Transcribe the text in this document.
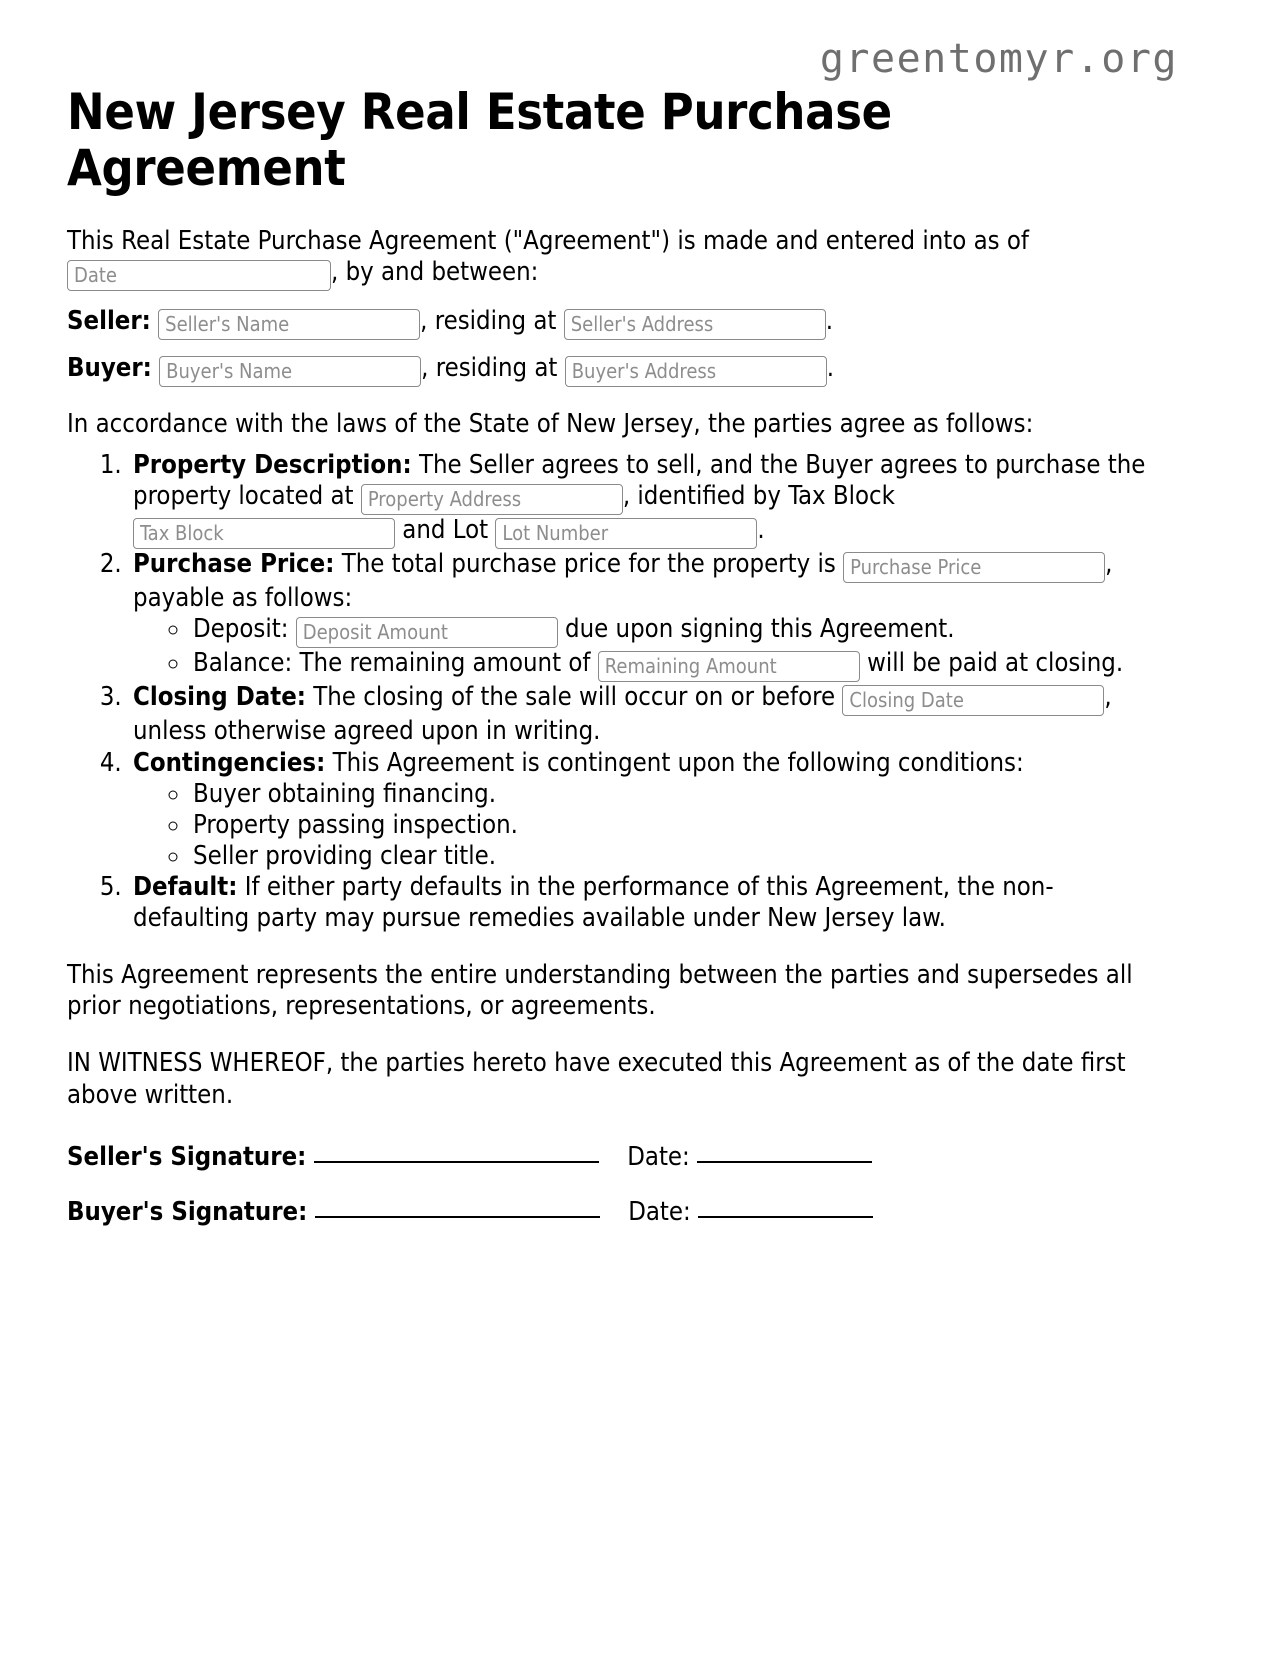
greentomyr.org
New Jersey Real Estate Purchase Agreement

This Real Estate Purchase Agreement ("Agreement") is made and entered into as of
Date, by and between:

Seller: Seller's Name	, residing at Seller's Address	.
Buyer: Buyer's Name	, residing at Buyer's Address	.

In accordance with the laws of the State of New Jersey, the parties agree as follows:

1. Property Description: The Seller agrees to sell, and the Buyer agrees to purchase the property located at Property Address	, identified by Tax Block Tax Block and Lot Lot Number	.
2. Purchase Price: The total purchase price for the property is Purchase Price	, payable as follows:
◦ Deposit: Deposit Amount	due upon signing this Agreement.
◦ Balance: The remaining amount of Remaining Amount	will be paid at closing.
3. Closing Date: The closing of the sale will occur on or before Closing Date	, unless otherwise agreed upon in writing.
4. Contingencies: This Agreement is contingent upon the following conditions:
◦ Buyer obtaining financing.
◦ Property passing inspection.
◦ Seller providing clear title.
5. Default: If either party defaults in the performance of this Agreement, the non-defaulting party may pursue remedies available under New Jersey law.

This Agreement represents the entire understanding between the parties and supersedes all prior negotiations, representations, or agreements.

IN WITNESS WHEREOF, the parties hereto have executed this Agreement as of the date first above written.

Seller's Signature:	Date:
Buyer's Signature:	Date:
